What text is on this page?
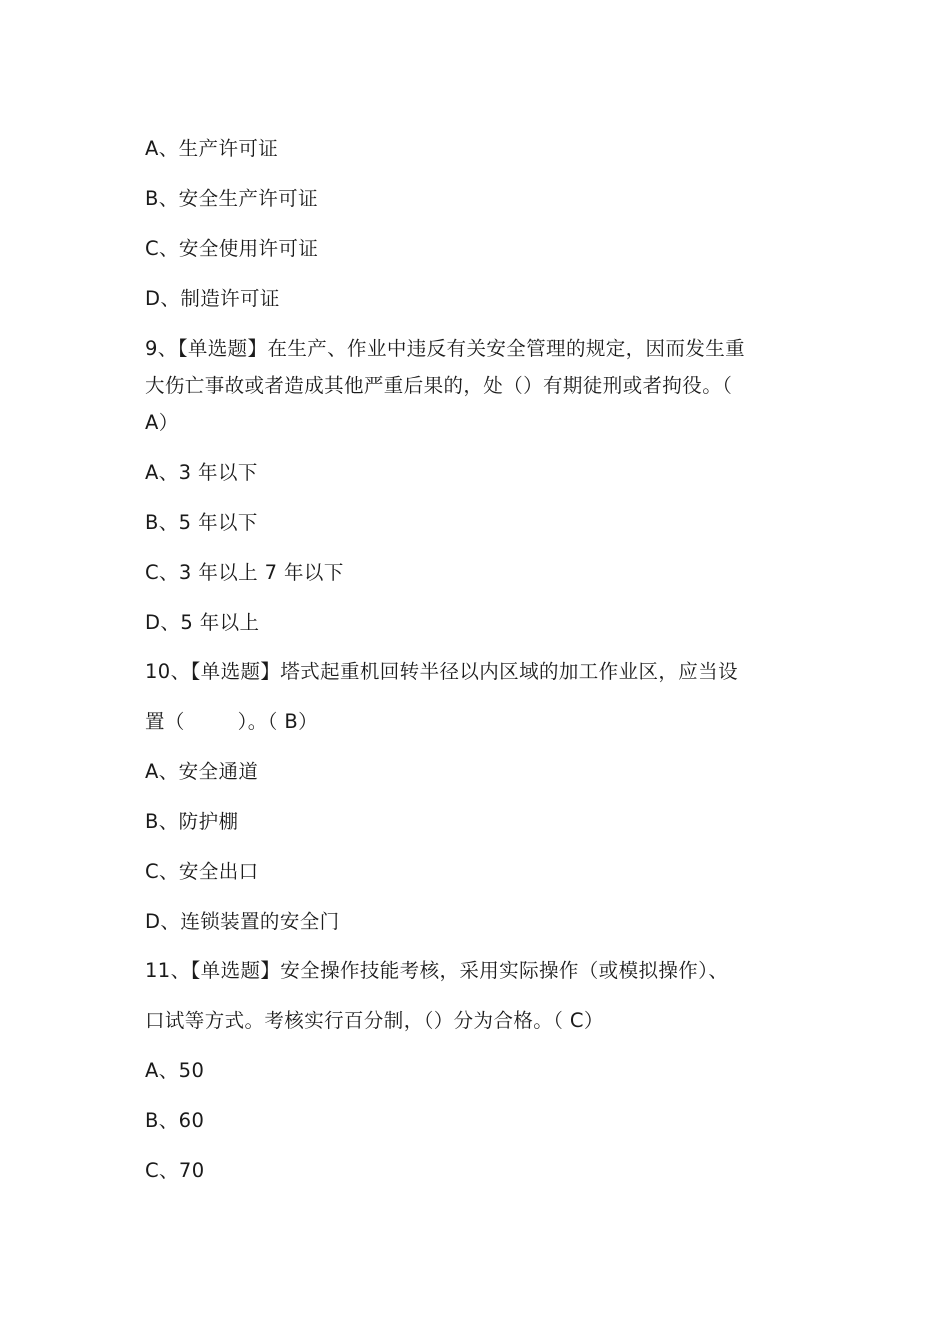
A、生产许可证
B、安全生产许可证
C、安全使用许可证
D、制造许可证
9、【单选题】在生产、作业中违反有关安全管理的规定，因而发生重
大伤亡事故或者造成其他严重后果的，处（）有期徒刑或者拘役。（
A）
A、3 年以下
B、5 年以下
C、3 年以上 7 年以下
D、5 年以上
10、【单选题】塔式起重机回转半径以内区域的加工作业区，应当设
置（        ）。（ B）
A、安全通道
B、防护棚
C、安全出口
D、连锁装置的安全门
11、【单选题】安全操作技能考核，采用实际操作（或模拟操作）、
口试等方式。考核实行百分制，（）分为合格。（ C）
A、50
B、60
C、70
